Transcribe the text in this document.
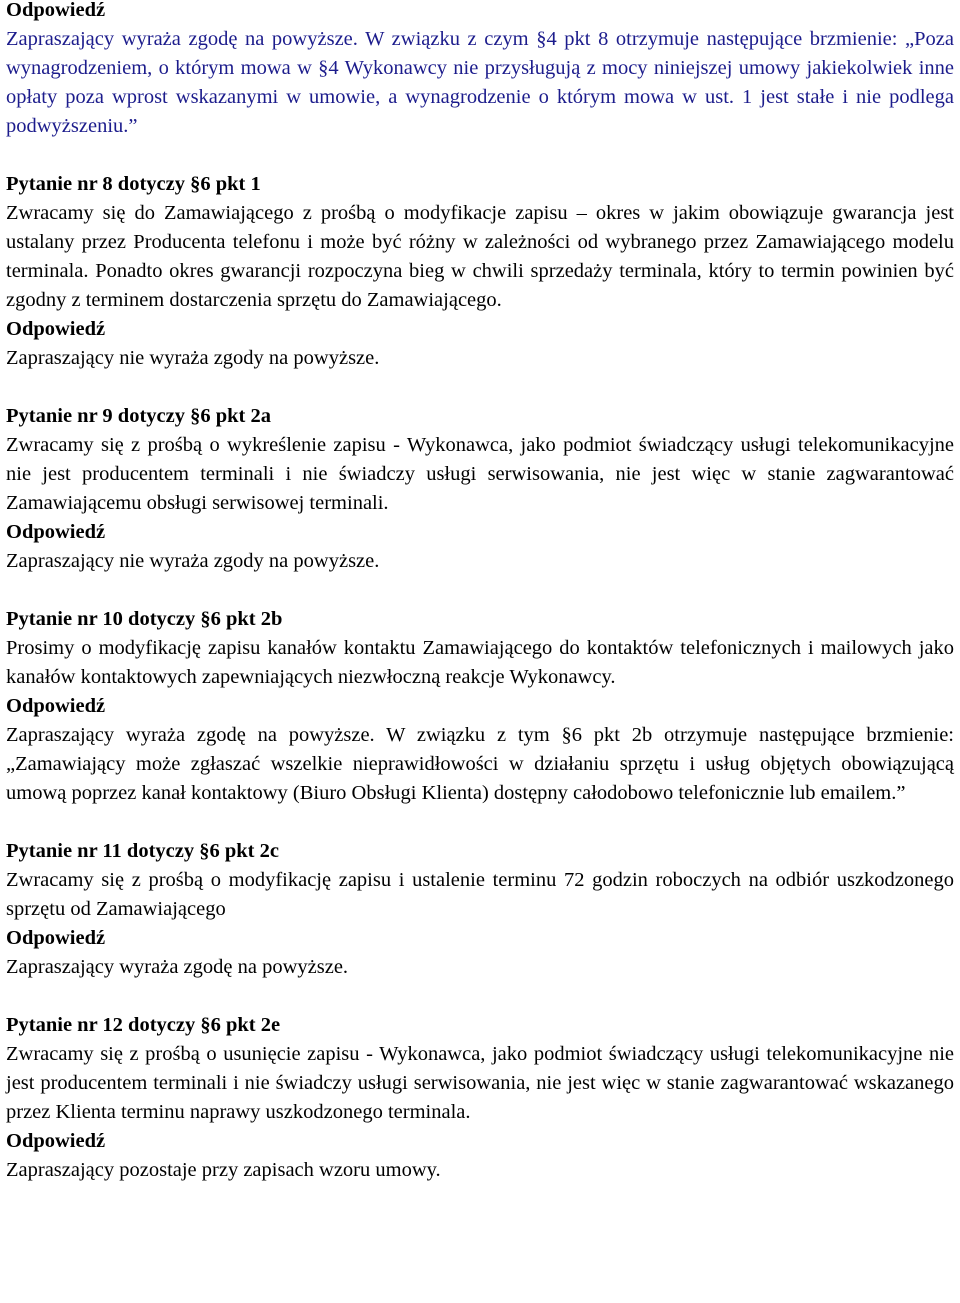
Odpowiedź

Zapraszający wyraża zgodę na powyższe. W związku z czym §4 pkt 8 otrzymuje następujące brzmienie: „Poza wynagrodzeniem, o którym mowa w §4 Wykonawcy nie przysługują z mocy niniejszej umowy jakiekolwiek inne opłaty poza wprost wskazanymi w umowie, a wynagrodzenie o którym mowa w ust. 1 jest stałe i nie podlega podwyższeniu.”

Pytanie nr 8 dotyczy §6 pkt 1

Zwracamy się do Zamawiającego z prośbą o modyfikacje zapisu – okres w jakim obowiązuje gwarancja jest ustalany przez Producenta telefonu i może być różny w zależności od wybranego przez Zamawiającego modelu terminala. Ponadto okres gwarancji rozpoczyna bieg w chwili sprzedaży terminala, który to termin powinien być zgodny z terminem dostarczenia sprzętu do Zamawiającego.

Odpowiedź

Zapraszający nie wyraża zgody na powyższe.

Pytanie nr 9 dotyczy §6 pkt 2a

Zwracamy się z prośbą o wykreślenie zapisu - Wykonawca, jako podmiot świadczący usługi telekomunikacyjne nie jest producentem terminali i nie świadczy usługi serwisowania, nie jest więc w stanie zagwarantować Zamawiającemu obsługi serwisowej terminali.

Odpowiedź

Zapraszający nie wyraża zgody na powyższe.

Pytanie nr 10 dotyczy §6 pkt 2b

Prosimy o modyfikację zapisu kanałów kontaktu Zamawiającego do kontaktów telefonicznych i mailowych jako kanałów kontaktowych zapewniających niezwłoczną reakcje Wykonawcy.

Odpowiedź

Zapraszający wyraża zgodę na powyższe. W związku z tym §6 pkt 2b otrzymuje następujące brzmienie: „Zamawiający może zgłaszać wszelkie nieprawidłowości w działaniu sprzętu i usług objętych obowiązującą umową poprzez kanał kontaktowy (Biuro Obsługi Klienta) dostępny całodobowo telefonicznie lub emailem.”

Pytanie nr 11 dotyczy §6 pkt 2c

Zwracamy się z prośbą o modyfikację zapisu i ustalenie terminu 72 godzin roboczych na odbiór uszkodzonego sprzętu od Zamawiającego

Odpowiedź

Zapraszający wyraża zgodę na powyższe.

Pytanie nr 12 dotyczy §6 pkt 2e

Zwracamy się z prośbą o usunięcie zapisu - Wykonawca, jako podmiot świadczący usługi telekomunikacyjne nie jest producentem terminali i nie świadczy usługi serwisowania, nie jest więc w stanie zagwarantować wskazanego przez Klienta terminu naprawy uszkodzonego terminala.

Odpowiedź

Zapraszający pozostaje przy zapisach wzoru umowy.
